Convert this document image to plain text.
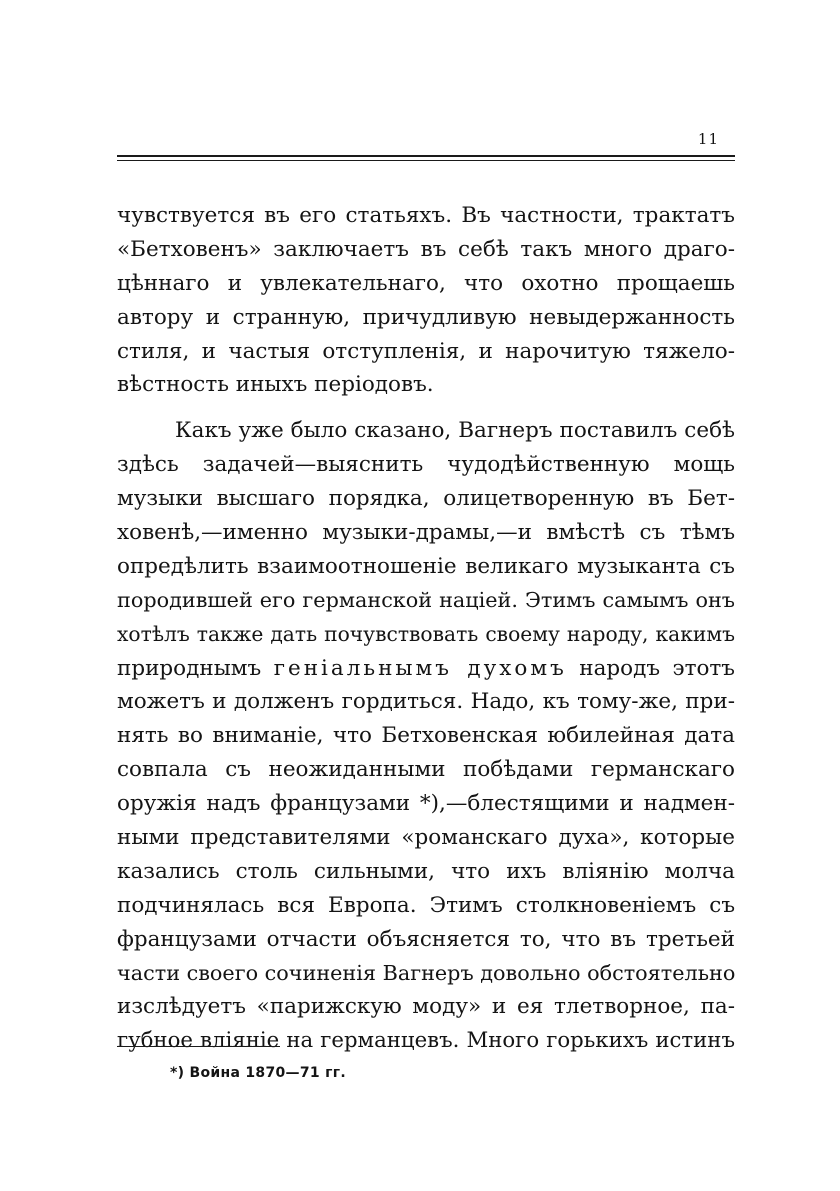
11
чувствуется въ его статьяхъ. Въ частности, трактатъ
«Бетховенъ» заключаетъ въ себѣ такъ много драго-
цѣннаго и увлекательнаго, что охотно прощаешь
автору и странную, причудливую невыдержанность
стиля, и частыя отступленія, и нарочитую тяжело-
вѣстность иныхъ періодовъ.
Какъ уже было сказано, Вагнеръ поставилъ себѣ
здѣсь задачей—выяснить чудодѣйственную мощь
музыки высшаго порядка, олицетворенную въ Бет-
ховенѣ,—именно музыки-драмы,—и вмѣстѣ съ тѣмъ
опредѣлить взаимоотношеніе великаго музыканта съ
породившей его германской націей. Этимъ самымъ онъ
хотѣлъ также дать почувствовать своему народу, какимъ
природнымъ геніальнымъ духомъ народъ этотъ
можетъ и долженъ гордиться. Надо, къ тому-же, при-
нять во вниманіе, что Бетховенская юбилейная дата
совпала съ неожиданными побѣдами германскаго
оружія надъ французами *),—блестящими и надмен-
ными представителями «романскаго духа», которые
казались столь сильными, что ихъ вліянію молча
подчинялась вся Европа. Этимъ столкновеніемъ съ
французами отчасти объясняется то, что въ третьей
части своего сочиненія Вагнеръ довольно обстоятельно
изслѣдуетъ «парижскую моду» и ея тлетворное, па-
губное вліяніе на германцевъ. Много горькихъ истинъ
*) Война 1870—71 гг.
